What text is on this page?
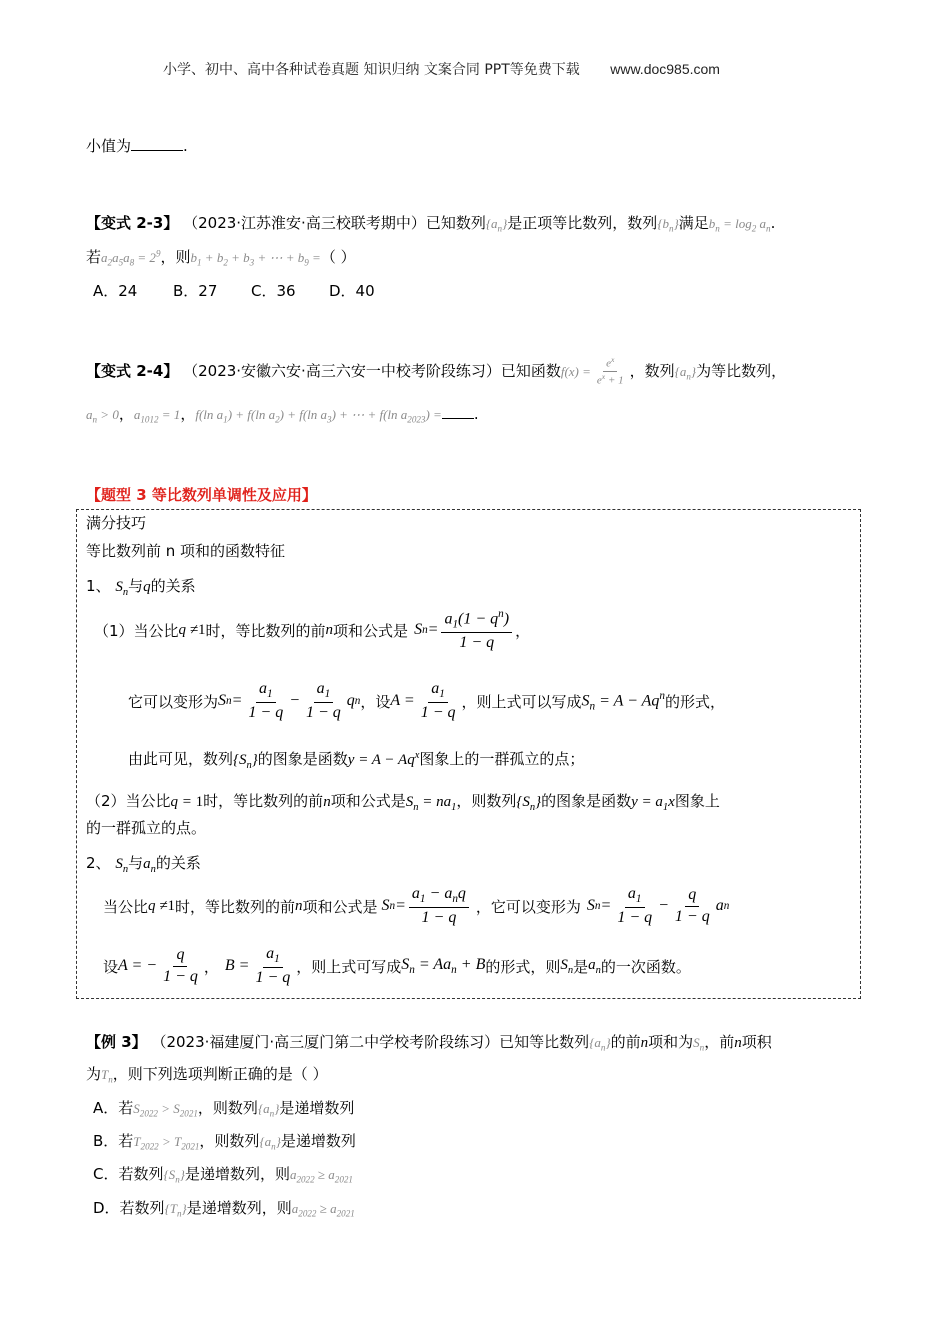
小学、初中、高中各种试卷真题 知识归纳 文案合同 PPT等免费下载 www.doc985.com
小值为	.
【变式 2-3】 （2023·江苏淮安·高三校联考期中）已知数列$\{a_n\}$是正项等比数列，数列$\{b_n\}$满足$b_n = \log_2 a_n$.
若$a_2a_5a_8 = 2^9$，则$b_1 + b_2 + b_3$ + ⋯ + $b_9$ =（ ）
A．24 B．27 C．36 D．40
【变式 2-4】 （2023·安徽六安·高三六安一中校考阶段练习）已知函数$f(x) = \frac{e^x}{e^x + 1}$ ，数列$\{a_n\}$为等比数列，
$a_n > 0$，$a_{1012} = 1$，f(ln $a_1) + f(\ln$ $a_2) + f(\ln$ $a_3$) + ⋯ + f(ln $a_{2023}$) = .
【题型 3 等比数列单调性及应用】
满分技巧
等比数列前 n 项和的函数特征
1、 $S_n$与q的关系
（1）当公比 q ≠ 1 时，等比数列的前 n 项和公式是 S $n = \frac{a_1(1 - q^n)}{1 - q}$ ，
它可以变形为 S $n = \frac{a_1}{1 - q} - \frac{a_1}{1 - q}$ q n ，设 $A = \frac{a_1}{1 - q}$ ，则上式可以写成 $S_n = A - Aq^n$ 的形式，
由此可见，数列$\{S_n\}$的图象是函数$y = A - Aq^x$图象上的一群孤立的点；
（2）当公比q = 1时，等比数列的前n项和公式是$S_n = na_1$，则数列$\{S_n\}$的图象是函数$y = a_1x$图象上
的一群孤立的点。
2、 $S_n$与$a_n$的关系
当公比 q ≠ 1 时，等比数列的前 n 项和公式是 S $n = \frac{a_1 - a_nq}{1 - q}$ ，它可以变形为 S $n = \frac{a_1}{1 - q} - \frac{q}{1 - q}$ a n
设 A = − $\frac{q}{1 - q}$ ， $B = \frac{a_1}{1 - q}$ ，则上式可写成 $S_n = Aa_n + B$ 的形式，则 $S_n$ 是 $a_n$ 的一次函数。
【例 3】 （2023·福建厦门·高三厦门第二中学校考阶段练习）已知等比数列$\{a_n\}$的前n项和为$S_n$，前n项积
为$T_n$，则下列选项判断正确的是（ ）
A．若$S_{2022} > S_{2021}$，则数列$\{a_n\}$是递增数列
B．若$T_{2022} > T_{2021}$，则数列$\{a_n\}$是递增数列
C．若数列$\{S_n\}$是递增数列，则$a_{2022} \ge a_{2021}$
D．若数列$\{T_n\}$是递增数列，则$a_{2022} \ge a_{2021}$
